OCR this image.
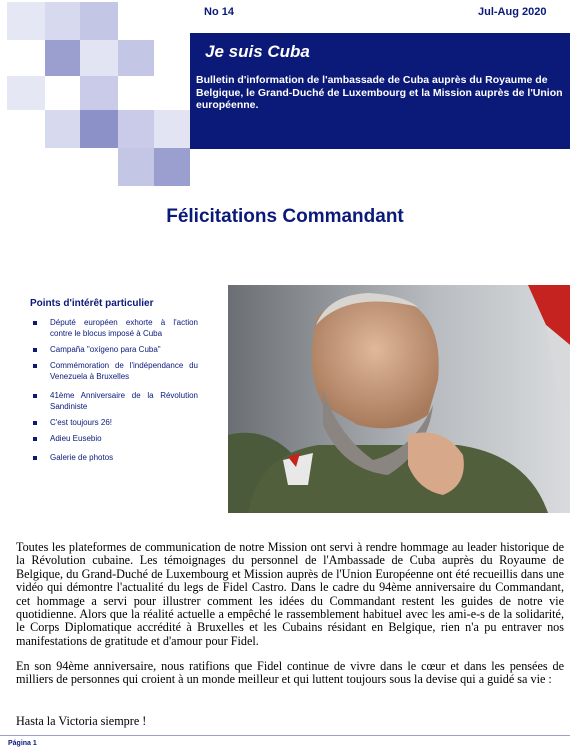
No 14	Jul-Aug 2020
Je suis Cuba
Bulletin d'information de l'ambassade de Cuba auprès du Royaume de Belgique, le Grand-Duché de Luxembourg et la Mission auprès de l'Union européenne.
Félicitations Commandant
Points d'intérêt particulier
Député européen exhorte à l'action contre le blocus imposé à Cuba
Campaña "oxígeno para Cuba"
Commémoration de l'indépendance du Venezuela à Bruxelles
41ème Anniversaire de la Révolution Sandiniste
C'est toujours 26!
Adieu Eusebio
Galerie de photos
Toutes les plateformes de communication de notre Mission ont servi à rendre hommage au leader historique de la Révolution cubaine. Les témoignages du personnel de l'Ambassade de Cuba auprès du Royaume de Belgique, du Grand-Duché de Luxembourg et Mission auprès de l'Union Européenne ont été recueillis dans une vidéo qui démontre l'actualité du legs de Fidel Castro. Dans le cadre du 94ème anniversaire du Commandant, cet hommage a servi pour illustrer comment les idées du Commandant restent les guides de notre vie quotidienne. Alors que la réalité actuelle a empêché le rassemblement habituel avec les ami-e-s de la solidarité, le Corps Diplomatique accrédité à Bruxelles et les Cubains résidant en Belgique, rien n'a pu entraver nos manifestations de gratitude et d'amour pour Fidel.
En son 94ème anniversaire, nous ratifions que Fidel continue de vivre dans le cœur et dans les pensées de milliers de personnes qui croient à un monde meilleur et qui luttent toujours sous la devise qui a guidé sa vie :
Hasta la Victoria siempre !
Página 1
